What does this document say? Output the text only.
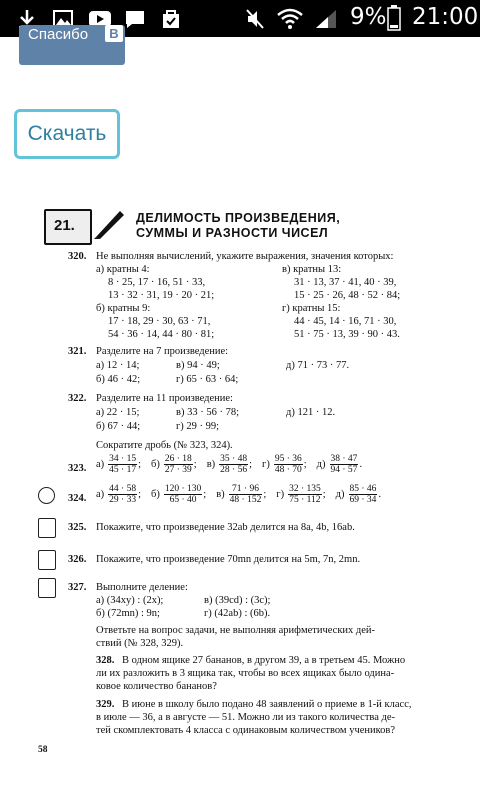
9% 21:00
Спасибо	B
Скачать
21.	ДЕЛИМОСТЬ ПРОИЗВЕДЕНИЯ,
СУММЫ И РАЗНОСТИ ЧИСЕЛ
320. Не выполняя вычислений, укажите выражения, значения которых:
а) кратны 4:
8 · 25, 17 · 16, 51 · 33,
13 · 32 · 31, 19 · 20 · 21;
б) кратны 9:
17 · 18, 29 · 30, 63 · 71,
54 · 36 · 14, 44 · 80 · 81;
в) кратны 13:
31 · 13, 37 · 41, 40 · 39,
15 · 25 · 26, 48 · 52 · 84;
г) кратны 15:
44 · 45, 14 · 16, 71 · 30,
51 · 75 · 13, 39 · 90 · 43.
321. Разделите на 7 произведение:
а) 12 · 14;	в) 94 · 49;	д) 71 · 73 · 77.
б) 46 · 42;	г) 65 · 63 · 64;
322. Разделите на 11 произведение:
а) 22 · 15;	в) 33 · 56 · 78;	д) 121 · 12.
б) 67 · 44;	г) 29 · 99;
Сократите дробь (№ 323, 324).
323. $а) \frac{34 \cdot 15}{45 \cdot 17}$ ; $б) \frac{26 \cdot 18}{27 \cdot 39}$ ; $в) \frac{35 \cdot 48}{28 \cdot 56}$ ; $г) \frac{95 \cdot 36}{48 \cdot 70}$ ; $д) \frac{38 \cdot 47}{94 \cdot 57}$ .
324. $а) \frac{44 \cdot 58}{29 \cdot 33}$ ; $б) \frac{120 \cdot 130}{65 \cdot 40}$ ; $в) \frac{71 \cdot 96}{48 \cdot 152}$ ; $г) \frac{32 \cdot 135}{75 \cdot 112}$ ; $д) \frac{85 \cdot 46}{69 \cdot 34}$ .
325. Покажите, что произведение 32ab делится на 8a, 4b, 16ab.
326. Покажите, что произведение 70mn делится на 5m, 7n, 2mn.
327. Выполните деление:
а) (34xy) : (2x);	в) (39cd) : (3c);
б) (72mn) : 9n;	г) (42ab) : (6b).
Ответьте на вопрос задачи, не выполняя арифметических дей-
ствий (№ 328, 329).
328. В одном ящике 27 бананов, в другом 39, а в третьем 45. Можно
ли их разложить в 3 ящика так, чтобы во всех ящиках было одина-
ковое количество бананов?
329. В июне в школу было подано 48 заявлений о приеме в 1-й класс,
в июле — 36, а в августе — 51. Можно ли из такого количества де-
тей скомплектовать 4 класса с одинаковым количеством учеников?
58
